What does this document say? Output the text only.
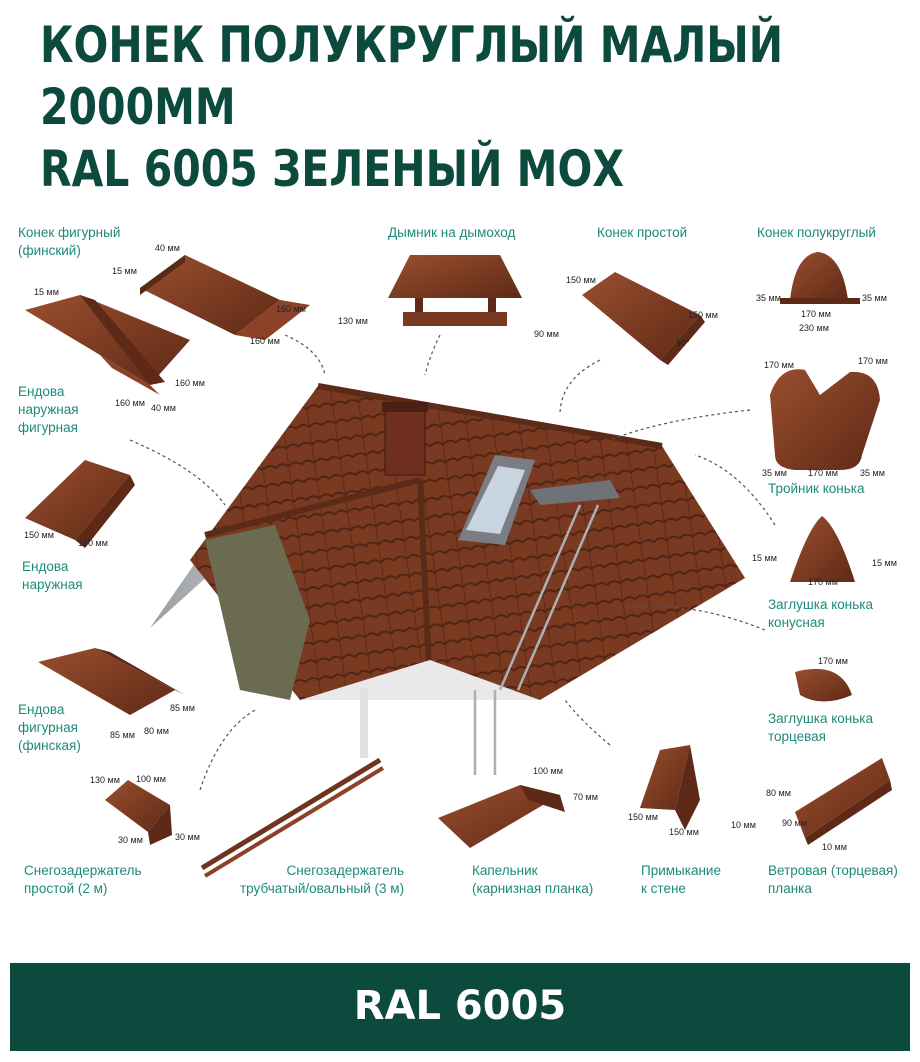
КОНЕК ПОЛУКРУГЛЫЙ МАЛЫЙ
2000ММ
RAL 6005 ЗЕЛЕНЫЙ МОХ
Конек фигурный
(финский)
Дымник на дымоход	Конек простой	Конек полукруглый
Ендова
наружная
фигурная
Тройник конька
Ендова
наружная
Заглушка конька
конусная
Ендова
фигурная
(финская)
Заглушка конька
торцевая
Снегозадержатель
простой (2 м)
Снегозадержатель
трубчатый/овальный (3 м)
Капельник
(карнизная планка)
Примыкание
к стене
Ветровая (торцевая)
планка
40 мм
15 мм
160 мм
160 мм
15 мм
160 мм 40 мм
160 мм
130 мм
90 мм
150 мм
150 мм
90°
35 мм
170 мм
230 мм
35 мм
170 мм	170 мм
35 мм 170 мм 35 мм
150 мм
150 мм
15 мм
170 мм
15 мм
85 мм 80 мм
85 мм
170 мм
130 мм 100 мм
30 мм	30 мм
100 мм
70 мм
150 мм
150 мм
80 мм
10 мм	90 мм
10 мм
RAL 6005
